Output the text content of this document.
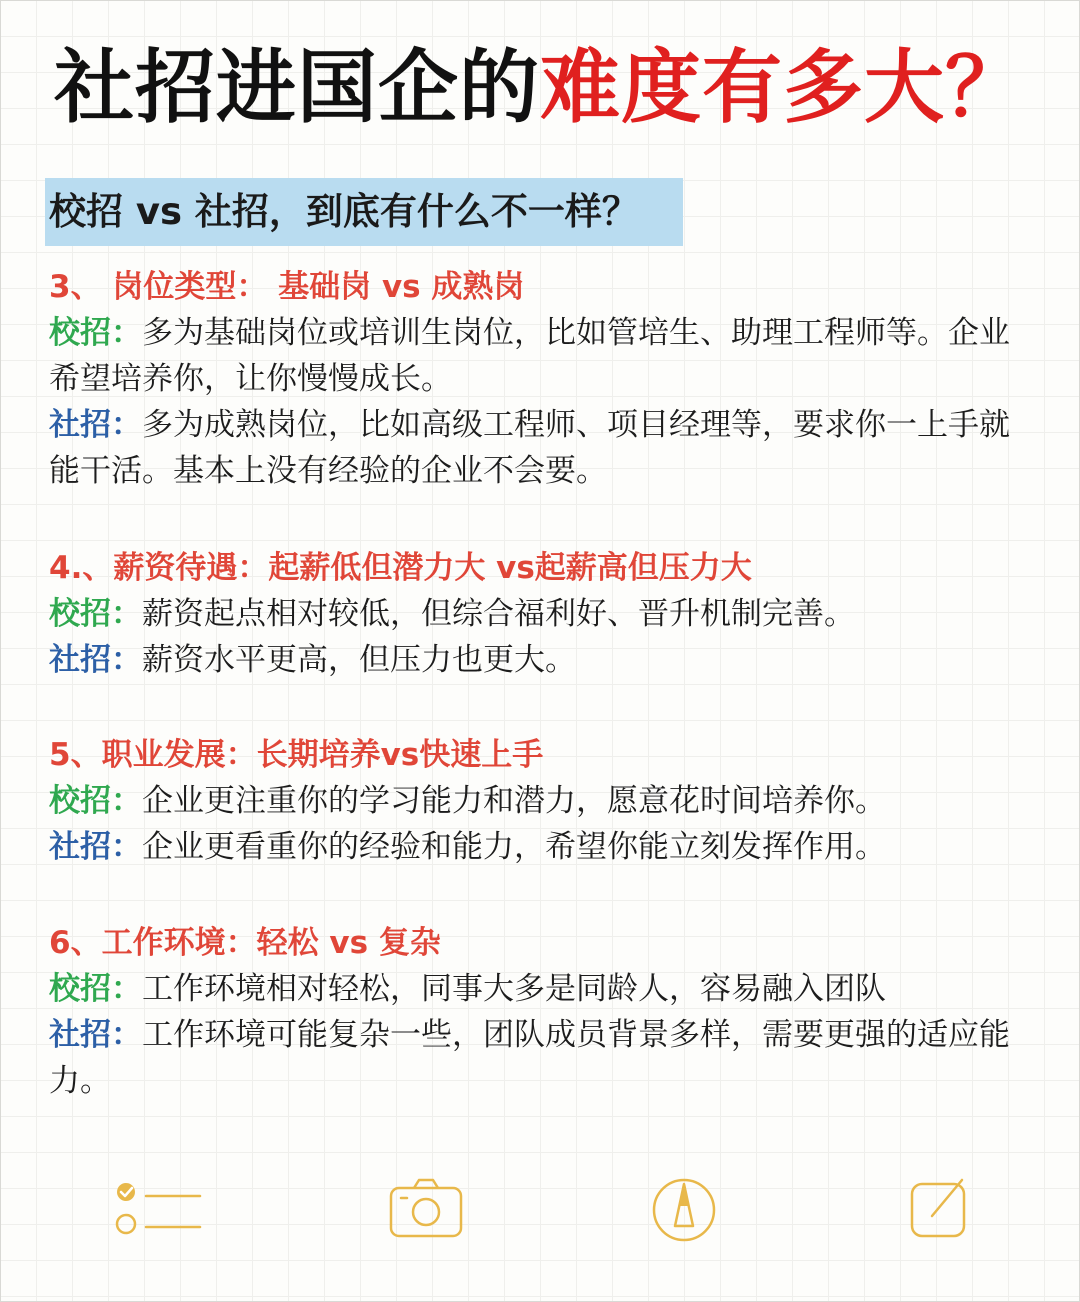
社招进国企的难度有多大？
校招 vs 社招，到底有什么不一样？
3、 岗位类型： 基础岗 vs 成熟岗
校招：多为基础岗位或培训生岗位，比如管培生、助理工程师等。企业希望培养你，让你慢慢成长。
社招：多为成熟岗位，比如高级工程师、项目经理等，要求你一上手就能干活。基本上没有经验的企业不会要。
4.、薪资待遇：起薪低但潜力大 vs起薪高但压力大
校招：薪资起点相对较低，但综合福利好、晋升机制完善。
社招：薪资水平更高，但压力也更大。
5、职业发展：长期培养vs快速上手
校招：企业更注重你的学习能力和潜力，愿意花时间培养你。
社招：企业更看重你的经验和能力，希望你能立刻发挥作用。
6、工作环境：轻松 vs 复杂
校招：工作环境相对轻松，同事大多是同龄人，容易融入团队
社招：工作环境可能复杂一些，团队成员背景多样，需要更强的适应能力。
